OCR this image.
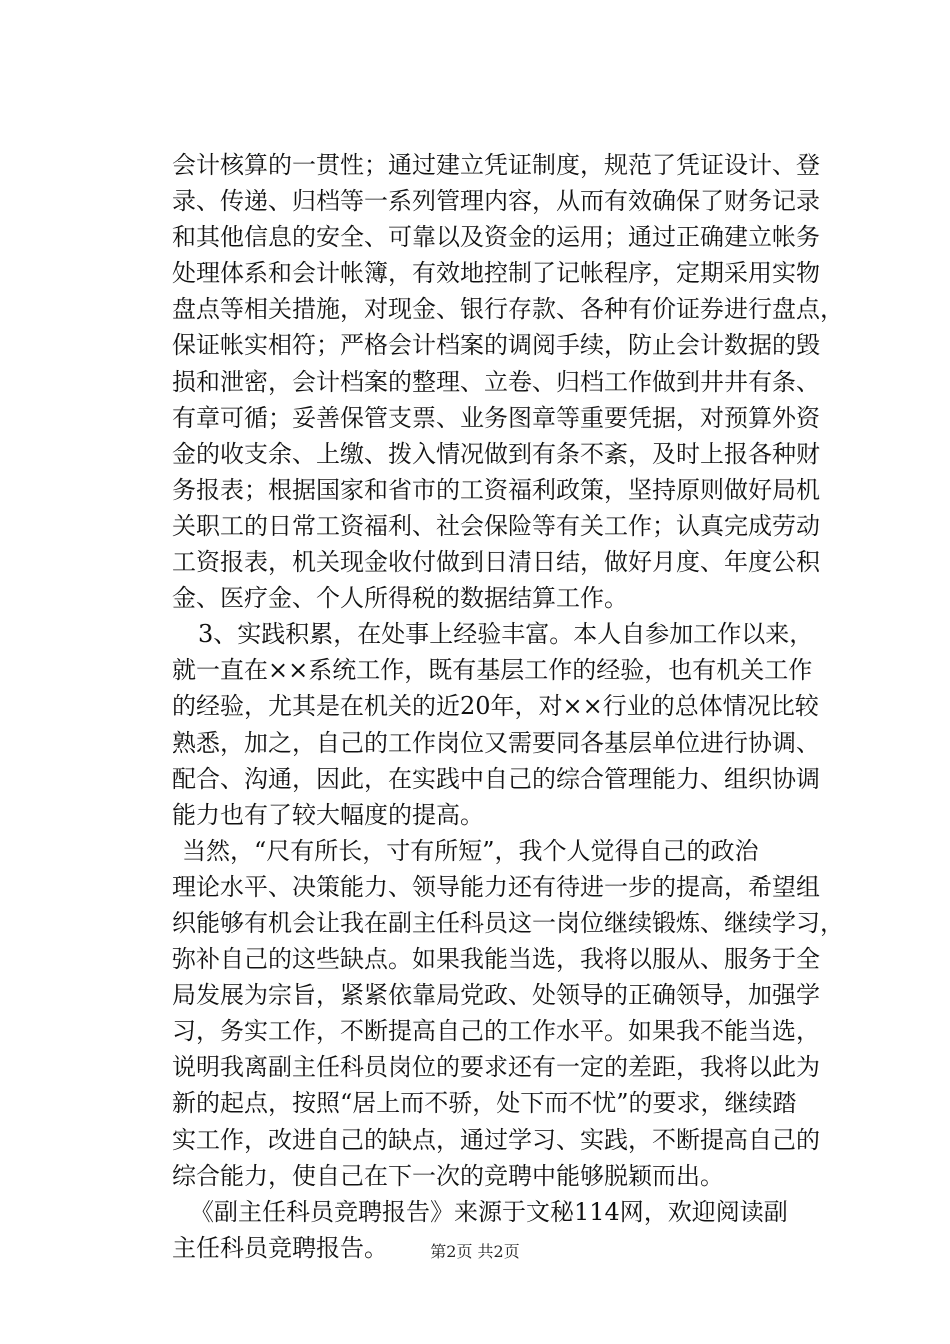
会计核算的一贯性；通过建立凭证制度，规范了凭证设计、登
录、传递、归档等一系列管理内容，从而有效确保了财务记录
和其他信息的安全、可靠以及资金的运用；通过正确建立帐务
处理体系和会计帐簿，有效地控制了记帐程序，定期采用实物
盘点等相关措施，对现金、银行存款、各种有价证券进行盘点，
保证帐实相符；严格会计档案的调阅手续，防止会计数据的毁
损和泄密，会计档案的整理、立卷、归档工作做到井井有条、
有章可循；妥善保管支票、业务图章等重要凭据，对预算外资
金的收支余、上缴、拨入情况做到有条不紊，及时上报各种财
务报表；根据国家和省市的工资福利政策，坚持原则做好局机
关职工的日常工资福利、社会保险等有关工作；认真完成劳动
工资报表，机关现金收付做到日清日结，做好月度、年度公积
金、医疗金、个人所得税的数据结算工作。
3、实践积累，在处事上经验丰富。本人自参加工作以来，
就一直在××系统工作，既有基层工作的经验，也有机关工作
的经验，尤其是在机关的近20年，对××行业的总体情况比较
熟悉，加之，自己的工作岗位又需要同各基层单位进行协调、
配合、沟通，因此，在实践中自己的综合管理能力、组织协调
能力也有了较大幅度的提高。
当然，“尺有所长，寸有所短”，我个人觉得自己的政治
理论水平、决策能力、领导能力还有待进一步的提高，希望组
织能够有机会让我在副主任科员这一岗位继续锻炼、继续学习，
弥补自己的这些缺点。如果我能当选，我将以服从、服务于全
局发展为宗旨，紧紧依靠局党政、处领导的正确领导，加强学
习，务实工作，不断提高自己的工作水平。如果我不能当选，
说明我离副主任科员岗位的要求还有一定的差距，我将以此为
新的起点，按照“居上而不骄，处下而不忧”的要求，继续踏
实工作，改进自己的缺点，通过学习、实践，不断提高自己的
综合能力，使自己在下一次的竞聘中能够脱颖而出。
《副主任科员竞聘报告》来源于文秘114网，欢迎阅读副
主任科员竞聘报告。	第2页 共2页
